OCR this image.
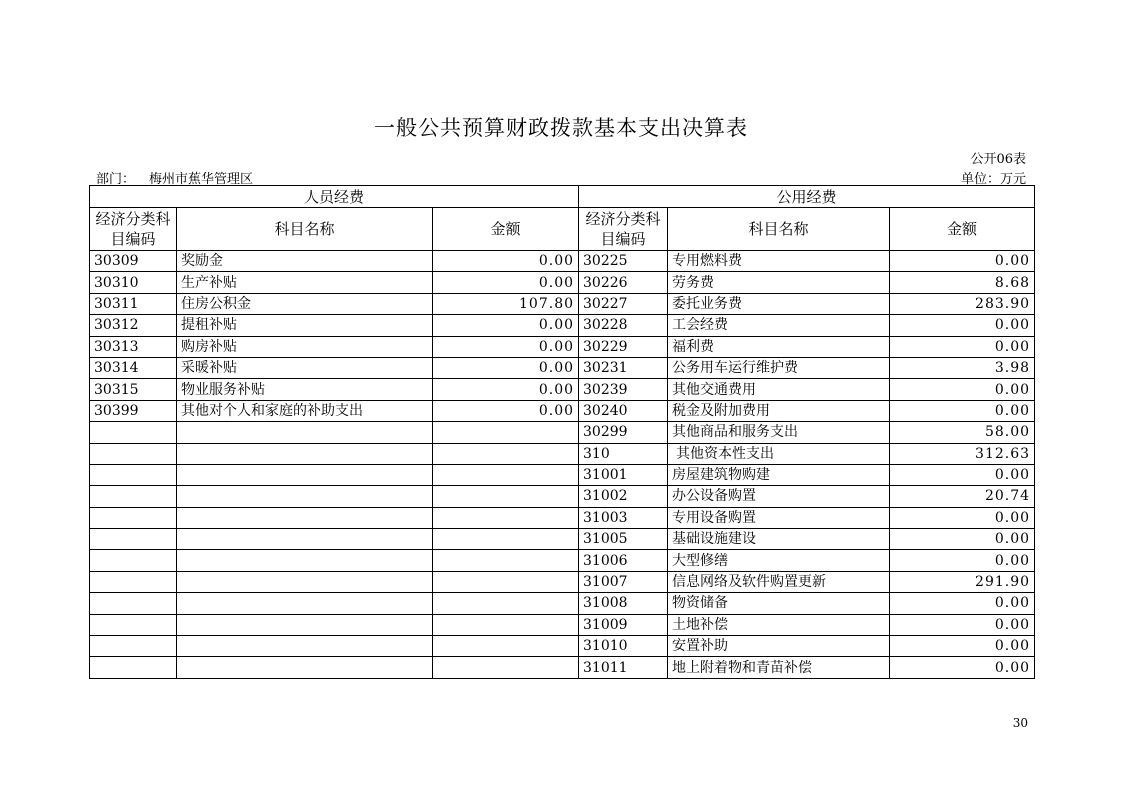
一般公共预算财政拨款基本支出决算表
公开06表
部门： 梅州市蕉华管理区	单位：万元
人员经费			公用经费		
经济分类科目编码	科目名称	金额	经济分类科目编码	科目名称	金额
30309	奖励金	0.00	30225	专用燃料费	0.00
30310	生产补贴	0.00	30226	劳务费	8.68
30311	住房公积金	107.80	30227	委托业务费	283.90
30312	提租补贴	0.00	30228	工会经费	0.00
30313	购房补贴	0.00	30229	福利费	0.00
30314	采暖补贴	0.00	30231	公务用车运行维护费	3.98
30315	物业服务补贴	0.00	30239	其他交通费用	0.00
30399	其他对个人和家庭的补助支出	0.00	30240	税金及附加费用	0.00
			30299	其他商品和服务支出	58.00
			310	其他资本性支出	312.63
			31001	房屋建筑物购建	0.00
			31002	办公设备购置	20.74
			31003	专用设备购置	0.00
			31005	基础设施建设	0.00
			31006	大型修缮	0.00
			31007	信息网络及软件购置更新	291.90
			31008	物资储备	0.00
			31009	土地补偿	0.00
			31010	安置补助	0.00
			31011	地上附着物和青苗补偿	0.00
30
